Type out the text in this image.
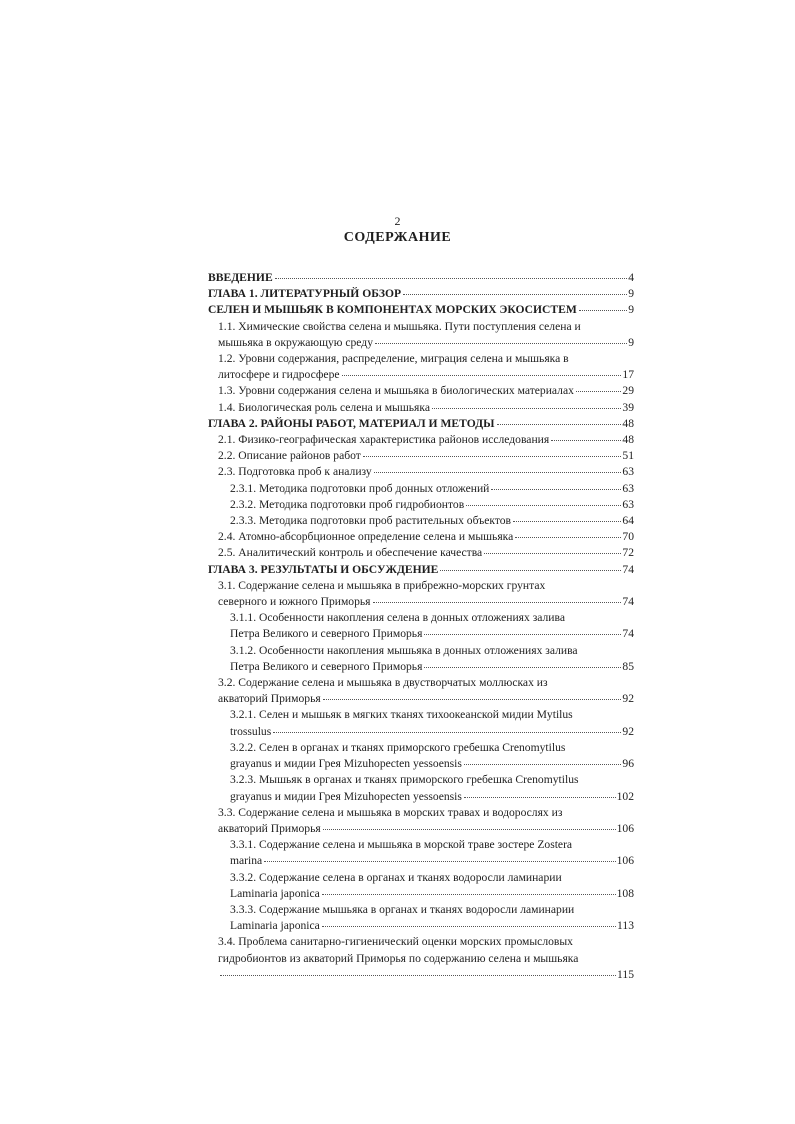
2
СОДЕРЖАНИЕ
ВВЕДЕНИЕ	4
ГЛАВА 1. ЛИТЕРАТУРНЫЙ ОБЗОР	9
СЕЛЕН И МЫШЬЯК В КОМПОНЕНТАХ МОРСКИХ ЭКОСИСТЕМ	9
1.1. Химические свойства селена и мышьяка. Пути поступления селена и
мышьяка в окружающую среду	9
1.2. Уровни содержания, распределение, миграция селена и мышьяка в
литосфере и гидросфере	17
1.3. Уровни содержания селена и мышьяка в биологических материалах	29
1.4. Биологическая роль селена и мышьяка	39
ГЛАВА 2. РАЙОНЫ РАБОТ, МАТЕРИАЛ И МЕТОДЫ	48
2.1. Физико-географическая характеристика районов исследования	48
2.2. Описание районов работ	51
2.3. Подготовка проб к анализу	63
2.3.1. Методика подготовки проб донных отложений	63
2.3.2. Методика подготовки проб гидробионтов	63
2.3.3. Методика подготовки проб растительных объектов	64
2.4. Атомно-абсорбционное определение селена и мышьяка	70
2.5. Аналитический контроль и обеспечение качества	72
ГЛАВА 3. РЕЗУЛЬТАТЫ И ОБСУЖДЕНИЕ	74
3.1. Содержание селена и мышьяка в прибрежно-морских грунтах
северного и южного Приморья	74
3.1.1. Особенности накопления селена в донных отложениях залива
Петра Великого и северного Приморья	74
3.1.2. Особенности накопления мышьяка в донных отложениях залива
Петра Великого и северного Приморья	85
3.2. Содержание селена и мышьяка в двустворчатых моллюсках из
акваторий Приморья	92
3.2.1. Селен и мышьяк в мягких тканях тихоокеанской мидии Mytilus
trossulus	92
3.2.2. Селен в органах и тканях приморского гребешка Crenomytilus
grayanus и мидии Грея Mizuhopecten yessoensis	96
3.2.3. Мышьяк в органах и тканях приморского гребешка Crenomytilus
grayanus и мидии Грея Mizuhopecten yessoensis	102
3.3. Содержание селена и мышьяка в морских травах и водорослях из
акваторий Приморья	106
3.3.1. Содержание селена и мышьяка в морской траве зостере Zostera
marina	106
3.3.2. Содержание селена в органах и тканях водоросли ламинарии
Laminaria japonica	108
3.3.3. Содержание мышьяка в органах и тканях водоросли ламинарии
Laminaria japonica	113
3.4. Проблема санитарно-гигиенический оценки морских промысловых
гидробионтов из акваторий Приморья по содержанию селена и мышьяка
115
